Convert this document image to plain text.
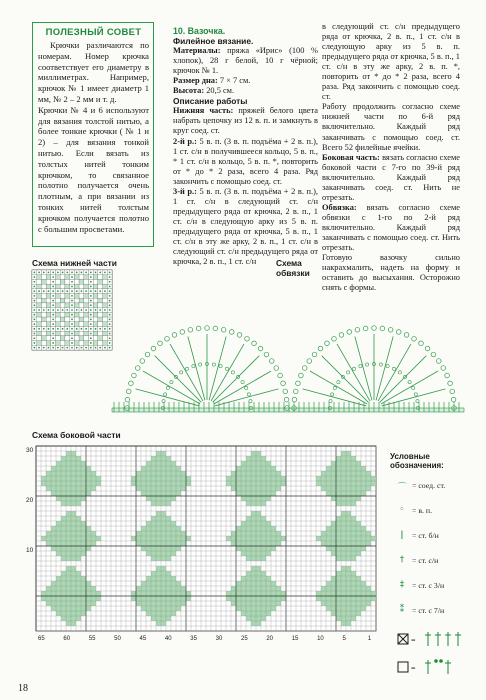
ПОЛЕЗНЫЙ СОВЕТ
Крючки различаются по номерам. Номер крючка соответствует его диаметру в миллиметрах. Например, крючок № 1 имеет диаметр 1 мм, № 2 – 2 мм и т. д.
Крючки № 4 и 6 используют для вязания толстой нитью, а более тонкие крючки ( № 1 и 2) – для вязания тонкой нитью. Если вязать из толстых нитей тонким крючком, то связанное полотно получается очень плотным, а при вязании из тонких нитей толстым крючком получается полотно с большим просветами.

10. Вазочка.

Филейное вязание.

Материалы: пряжа «Ирис» (100 % хлопок), 28 г белой, 10 г чёрной; крючок № 1.

Размер дна: 7 × 7 см.

Высота: 20,5 см.

Описание работы

Нижняя часть: пряжей белого цвета набрать цепочку из 12 в. п. и замкнуть в круг соед. ст.

2-й р.: 5 в. п. (3 в. п. подъёма + 2 в. п.), 1 ст. с/н в получившееся кольцо, 5 в. п., * 1 ст. с/н в кольцо, 5 в. п. *, повторить от * до * 2 раза, всего 4 раза. Ряд закончить с помощью соед. ст.

3-й р.: 5 в. п. (3 в. п. подъёма + 2 в. п.), 1 ст. с/н в следующий ст. с/н предыдущего ряда от крючка, 2 в. п., 1 ст. с/н в следующую арку из 5 в. п. предыдущего ряда от крючка, 5 в. п., 1 ст. с/н в эту же арку, 2 в. п., 1 ст. с/н в следующий ст. с/н предыдущего ряда от крючка, 2 в. п., 1 ст. с/н

в следующий ст. с/н предыдущего ряда от крючка, 2 в. п., 1 ст. с/н в следующую арку из 5 в. п. предыдущего ряда от крючка, 5 в. п., 1 ст. с/н в эту же арку, 2 в. п. *, повторить от * до * 2 раза, всего 4 раза. Ряд закончить с помощью соед. ст.
Работу продолжить согласно схеме нижней части по 6-й ряд включительно. Каждый ряд заканчивать с помощью соед. ст. Всего 52 филейные ячейки.

Боковая часть: вязать согласно схеме боковой части с 7-го по 39-й ряд включительно. Каждый ряд заканчивать соед. ст. Нить не отрезать.

Обвязка: вязать согласно схеме обвязки с 1-го по 2-й ряд включительно. Каждый ряд заканчивать с помощью соед. ст. Нить отрезать.
Готовую вазочку сильно накрахмалить, надеть на форму и оставить до высыхания. Осторожно снять с формы.

Схема нижней части	Схема обвязки
Схема боковой части
30
20
10
65	60	55	50	45	40	35	30	25	20	15	10	5	1
Условные обозначения:
⌒ = соед. ст.
◦ = в. п.
ǀ	= ст. б/н
† = ст. с/н
‡ = ст. с 3/н
⁑ = ст. с 7/н
=
=
18
